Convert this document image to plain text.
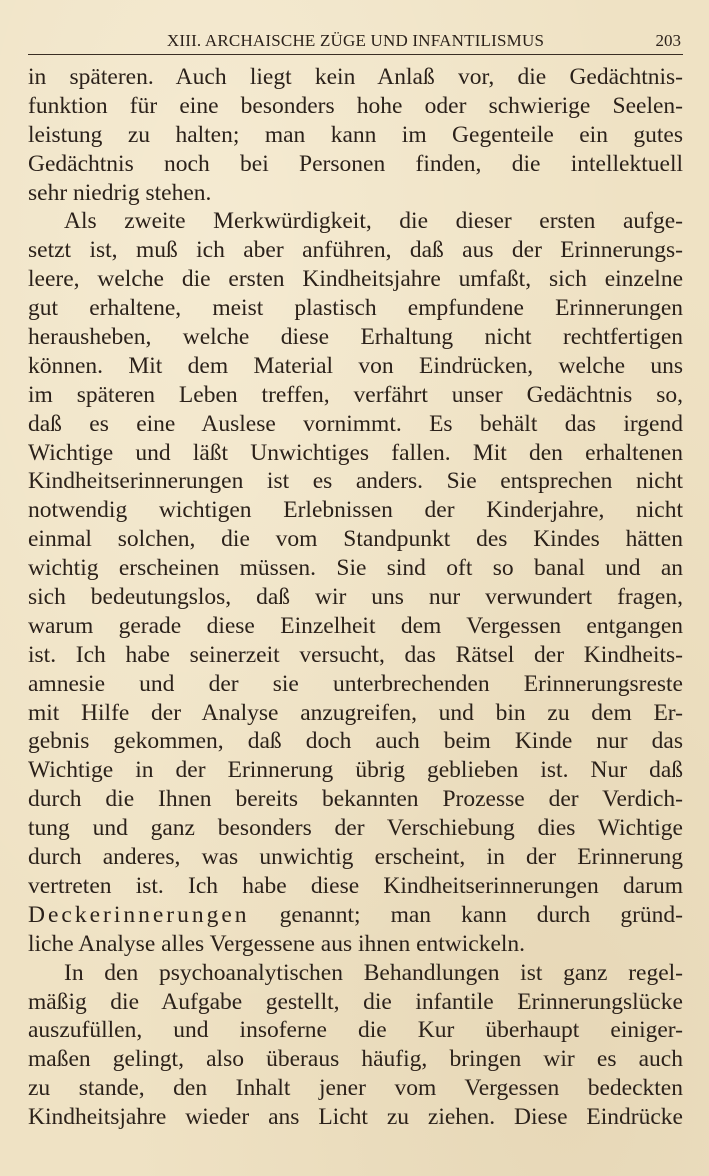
XIII. ARCHAISCHE ZÜGE UND INFANTILISMUS	203
in späteren. Auch liegt kein Anlaß vor, die Gedächtnis-
funktion für eine besonders hohe oder schwierige Seelen-
leistung zu halten; man kann im Gegenteile ein gutes
Gedächtnis noch bei Personen finden, die intellektuell
sehr niedrig stehen.
Als zweite Merkwürdigkeit, die dieser ersten aufge-
setzt ist, muß ich aber anführen, daß aus der Erinnerungs-
leere, welche die ersten Kindheitsjahre umfaßt, sich einzelne
gut erhaltene, meist plastisch empfundene Erinnerungen
herausheben, welche diese Erhaltung nicht rechtfertigen
können. Mit dem Material von Eindrücken, welche uns
im späteren Leben treffen, verfährt unser Gedächtnis so,
daß es eine Auslese vornimmt. Es behält das irgend
Wichtige und läßt Unwichtiges fallen. Mit den erhaltenen
Kindheitserinnerungen ist es anders. Sie entsprechen nicht
notwendig wichtigen Erlebnissen der Kinderjahre, nicht
einmal solchen, die vom Standpunkt des Kindes hätten
wichtig erscheinen müssen. Sie sind oft so banal und an
sich bedeutungslos, daß wir uns nur verwundert fragen,
warum gerade diese Einzelheit dem Vergessen entgangen
ist. Ich habe seinerzeit versucht, das Rätsel der Kindheits-
amnesie und der sie unterbrechenden Erinnerungsreste
mit Hilfe der Analyse anzugreifen, und bin zu dem Er-
gebnis gekommen, daß doch auch beim Kinde nur das
Wichtige in der Erinnerung übrig geblieben ist. Nur daß
durch die Ihnen bereits bekannten Prozesse der Verdich-
tung und ganz besonders der Verschiebung dies Wichtige
durch anderes, was unwichtig erscheint, in der Erinnerung
vertreten ist. Ich habe diese Kindheitserinnerungen darum
Deckerinnerungen genannt; man kann durch gründ-
liche Analyse alles Vergessene aus ihnen entwickeln.
In den psychoanalytischen Behandlungen ist ganz regel-
mäßig die Aufgabe gestellt, die infantile Erinnerungslücke
auszufüllen, und insoferne die Kur überhaupt einiger-
maßen gelingt, also überaus häufig, bringen wir es auch
zu stande, den Inhalt jener vom Vergessen bedeckten
Kindheitsjahre wieder ans Licht zu ziehen. Diese Eindrücke
